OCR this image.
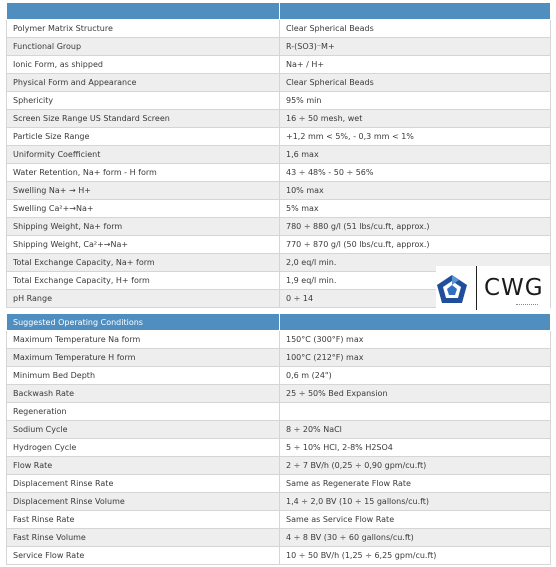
Polymer Matrix Structure	Clear Spherical Beads
Functional Group	R-(SO3)⁻M+
Ionic Form, as shipped	Na+ / H+
Physical Form and Appearance	Clear Spherical Beads
Sphericity	95% min
Screen Size Range US Standard Screen	16 ÷ 50 mesh, wet
Particle Size Range	+1,2 mm < 5%, - 0,3 mm < 1%
Uniformity Coefficient	1,6 max
Water Retention, Na+ form - H form	43 ÷ 48% - 50 ÷ 56%
Swelling Na+ → H+	10% max
Swelling Ca²+→Na+	5% max
Shipping Weight, Na+ form	780 ÷ 880 g/l (51 lbs/cu.ft, approx.)
Shipping Weight, Ca²+→Na+	770 ÷ 870 g/l (50 lbs/cu.ft, approx.)
Total Exchange Capacity, Na+ form	2,0 eq/l min.
Total Exchange Capacity, H+ form	1,9 eq/l min.
pH Range	0 ÷ 14
Suggested Operating Conditions	
Maximum Temperature Na form	150°C (300°F) max
Maximum Temperature H form	100°C (212°F) max
Minimum Bed Depth	0,6 m (24")
Backwash Rate	25 ÷ 50% Bed Expansion
Regeneration	
Sodium Cycle	8 ÷ 20% NaCl
Hydrogen Cycle	5 ÷ 10% HCl, 2-8% H2SO4
Flow Rate	2 ÷ 7 BV/h (0,25 ÷ 0,90 gpm/cu.ft)
Displacement Rinse Rate	Same as Regenerate Flow Rate
Displacement Rinse Volume	1,4 ÷ 2,0 BV (10 ÷ 15 gallons/cu.ft)
Fast Rinse Rate	Same as Service Flow Rate
Fast Rinse Volume	4 ÷ 8 BV (30 ÷ 60 gallons/cu.ft)
Service Flow Rate	10 ÷ 50 BV/h (1,25 ÷ 6,25 gpm/cu.ft)
CWG
